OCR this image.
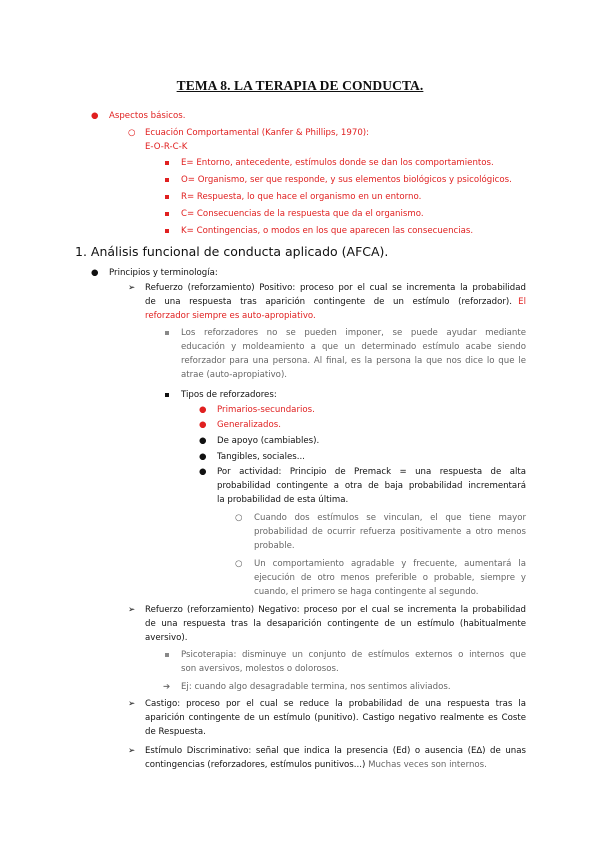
TEMA 8. LA TERAPIA DE CONDUCTA.
● Aspectos básicos.
○ Ecuación Comportamental (Kanfer & Phillips, 1970):
E-O-R-C-K
E= Entorno, antecedente, estímulos donde se dan los comportamientos.
O= Organismo, ser que responde, y sus elementos biológicos y psicológicos.
R= Respuesta, lo que hace el organismo en un entorno.
C= Consecuencias de la respuesta que da el organismo.
K= Contingencias, o modos en los que aparecen las consecuencias.
1. Análisis funcional de conducta aplicado (AFCA).
● Principios y terminología:
➢ Refuerzo (reforzamiento) Positivo: proceso por el cual se incrementa la probabilidad
de una respuesta tras aparición contingente de un estímulo (reforzador). El
reforzador siempre es auto-apropiativo.
Los reforzadores no se pueden imponer, se puede ayudar mediante
educación y moldeamiento a que un determinado estímulo acabe siendo
reforzador para una persona. Al final, es la persona la que nos dice lo que le
atrae (auto-apropiativo).
Tipos de reforzadores:
● Primarios-secundarios.
● Generalizados.
● De apoyo (cambiables).
● Tangibles, sociales...
● Por actividad: Principio de Premack = una respuesta de alta
probabilidad contingente a otra de baja probabilidad incrementará
la probabilidad de esta última.
○ Cuando dos estímulos se vinculan, el que tiene mayor
probabilidad de ocurrir refuerza positivamente a otro menos
probable.
○ Un comportamiento agradable y frecuente, aumentará la
ejecución de otro menos preferible o probable, siempre y
cuando, el primero se haga contingente al segundo.
➢ Refuerzo (reforzamiento) Negativo: proceso por el cual se incrementa la probabilidad
de una respuesta tras la desaparición contingente de un estímulo (habitualmente
aversivo).
Psicoterapia: disminuye un conjunto de estímulos externos o internos que
son aversivos, molestos o dolorosos.
➔ Ej: cuando algo desagradable termina, nos sentimos aliviados.
➢ Castigo: proceso por el cual se reduce la probabilidad de una respuesta tras la
aparición contingente de un estímulo (punitivo). Castigo negativo realmente es Coste
de Respuesta.
➢ Estímulo Discriminativo: señal que indica la presencia (Ed) o ausencia (E∆) de unas
contingencias (reforzadores, estímulos punitivos...) Muchas veces son internos.
